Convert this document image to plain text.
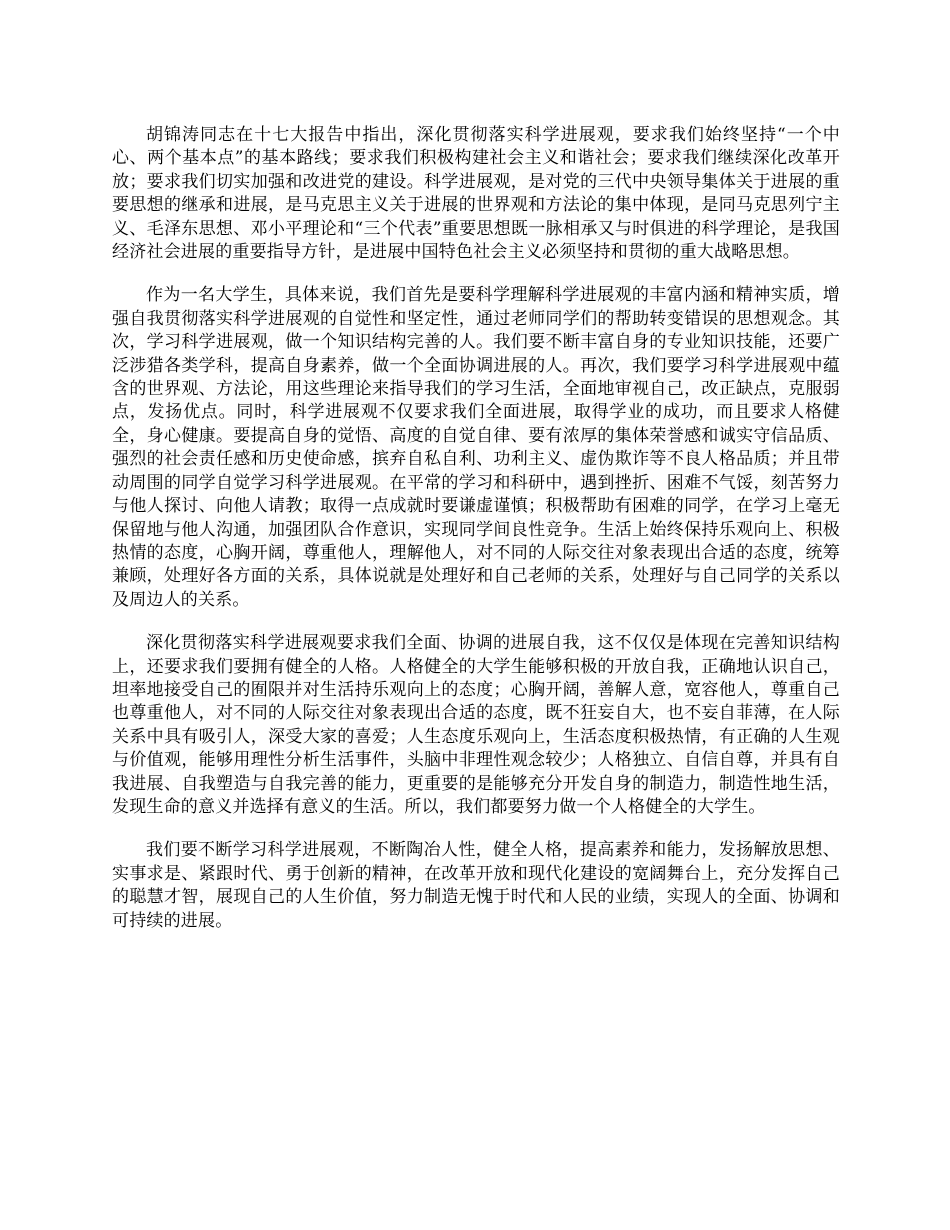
胡锦涛同志在十七大报告中指出，深化贯彻落实科学进展观，要求我们始终坚持“一个中心、两个基本点”的基本路线；要求我们积极构建社会主义和谐社会；要求我们继续深化改革开放；要求我们切实加强和改进党的建设。科学进展观，是对党的三代中央领导集体关于进展的重要思想的继承和进展，是马克思主义关于进展的世界观和方法论的集中体现，是同马克思列宁主义、毛泽东思想、邓小平理论和“三个代表”重要思想既一脉相承又与时俱进的科学理论，是我国经济社会进展的重要指导方针，是进展中国特色社会主义必须坚持和贯彻的重大战略思想。

作为一名大学生，具体来说，我们首先是要科学理解科学进展观的丰富内涵和精神实质，增强自我贯彻落实科学进展观的自觉性和坚定性，通过老师同学们的帮助转变错误的思想观念。其次，学习科学进展观，做一个知识结构完善的人。我们要不断丰富自身的专业知识技能，还要广泛涉猎各类学科，提高自身素养，做一个全面协调进展的人。再次，我们要学习科学进展观中蕴含的世界观、方法论，用这些理论来指导我们的学习生活，全面地审视自己，改正缺点，克服弱点，发扬优点。同时，科学进展观不仅要求我们全面进展，取得学业的成功，而且要求人格健全，身心健康。要提高自身的觉悟、高度的自觉自律、要有浓厚的集体荣誉感和诚实守信品质、强烈的社会责任感和历史使命感，摈弃自私自利、功利主义、虚伪欺诈等不良人格品质；并且带动周围的同学自觉学习科学进展观。在平常的学习和科研中，遇到挫折、困难不气馁，刻苦努力与他人探讨、向他人请教；取得一点成就时要谦虚谨慎；积极帮助有困难的同学，在学习上毫无保留地与他人沟通，加强团队合作意识，实现同学间良性竞争。生活上始终保持乐观向上、积极热情的态度，心胸开阔，尊重他人，理解他人，对不同的人际交往对象表现出合适的态度，统筹兼顾，处理好各方面的关系，具体说就是处理好和自己老师的关系，处理好与自己同学的关系以及周边人的关系。

深化贯彻落实科学进展观要求我们全面、协调的进展自我，这不仅仅是体现在完善知识结构上，还要求我们要拥有健全的人格。人格健全的大学生能够积极的开放自我，正确地认识自己，坦率地接受自己的囿限并对生活持乐观向上的态度；心胸开阔，善解人意，宽容他人，尊重自己也尊重他人，对不同的人际交往对象表现出合适的态度，既不狂妄自大，也不妄自菲薄，在人际关系中具有吸引人，深受大家的喜爱；人生态度乐观向上，生活态度积极热情，有正确的人生观与价值观，能够用理性分析生活事件，头脑中非理性观念较少；人格独立、自信自尊，并具有自我进展、自我塑造与自我完善的能力，更重要的是能够充分开发自身的制造力，制造性地生活，发现生命的意义并选择有意义的生活。所以，我们都要努力做一个人格健全的大学生。

我们要不断学习科学进展观，不断陶冶人性，健全人格，提高素养和能力，发扬解放思想、实事求是、紧跟时代、勇于创新的精神，在改革开放和现代化建设的宽阔舞台上，充分发挥自己的聪慧才智，展现自己的人生价值，努力制造无愧于时代和人民的业绩，实现人的全面、协调和可持续的进展。
